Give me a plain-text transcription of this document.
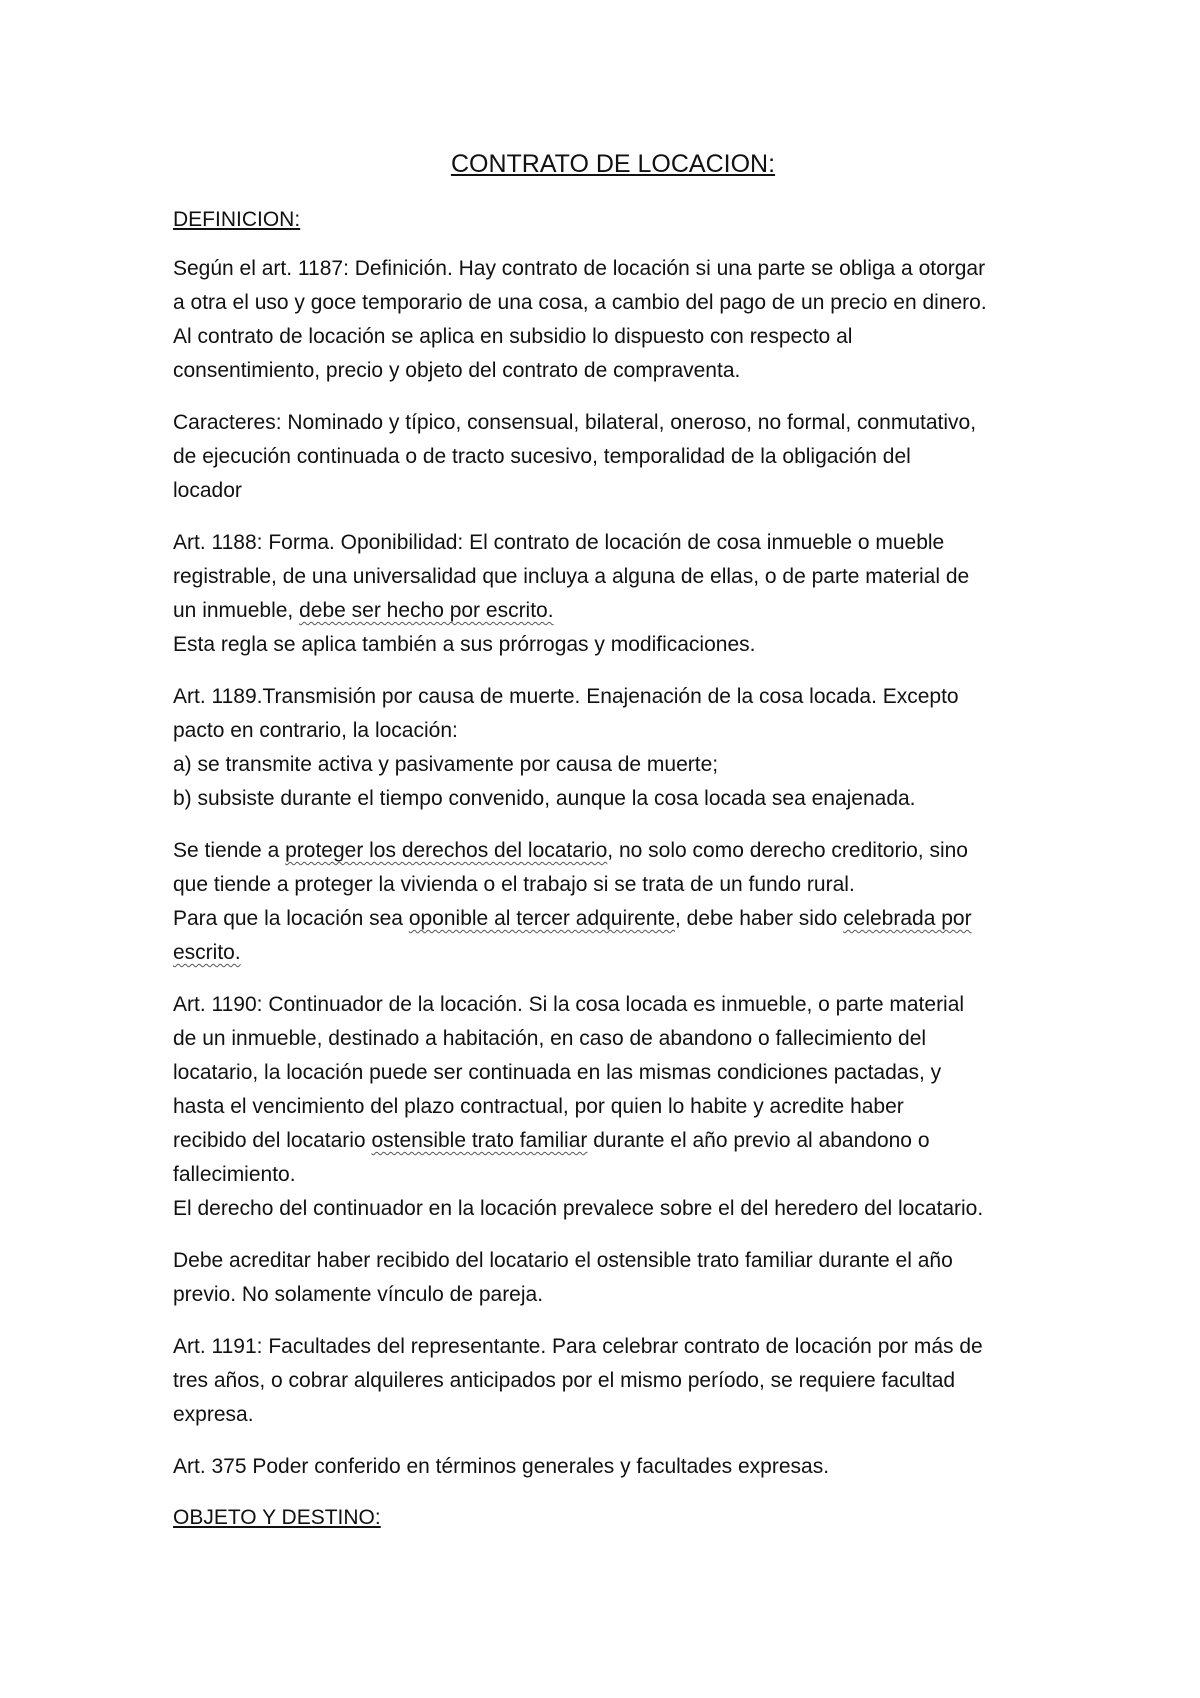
CONTRATO DE LOCACION:
DEFINICION:

Según el art. 1187: Definición. Hay contrato de locación si una parte se obliga a otorgar
a otra el uso y goce temporario de una cosa, a cambio del pago de un precio en dinero.
Al contrato de locación se aplica en subsidio lo dispuesto con respecto al
consentimiento, precio y objeto del contrato de compraventa.

Caracteres: Nominado y típico, consensual, bilateral, oneroso, no formal, conmutativo,
de ejecución continuada o de tracto sucesivo, temporalidad de la obligación del
locador

Art. 1188: Forma. Oponibilidad: El contrato de locación de cosa inmueble o mueble
registrable, de una universalidad que incluya a alguna de ellas, o de parte material de
un inmueble, debe ser hecho por escrito.
Esta regla se aplica también a sus prórrogas y modificaciones.

Art. 1189.Transmisión por causa de muerte. Enajenación de la cosa locada. Excepto
pacto en contrario, la locación:
a) se transmite activa y pasivamente por causa de muerte;
b) subsiste durante el tiempo convenido, aunque la cosa locada sea enajenada.

Se tiende a proteger los derechos del locatario, no solo como derecho creditorio, sino
que tiende a proteger la vivienda o el trabajo si se trata de un fundo rural.
Para que la locación sea oponible al tercer adquirente, debe haber sido celebrada por
escrito.

Art. 1190: Continuador de la locación. Si la cosa locada es inmueble, o parte material
de un inmueble, destinado a habitación, en caso de abandono o fallecimiento del
locatario, la locación puede ser continuada en las mismas condiciones pactadas, y
hasta el vencimiento del plazo contractual, por quien lo habite y acredite haber
recibido del locatario ostensible trato familiar durante el año previo al abandono o
fallecimiento.
El derecho del continuador en la locación prevalece sobre el del heredero del locatario.

Debe acreditar haber recibido del locatario el ostensible trato familiar durante el año
previo. No solamente vínculo de pareja.

Art. 1191: Facultades del representante. Para celebrar contrato de locación por más de
tres años, o cobrar alquileres anticipados por el mismo período, se requiere facultad
expresa.

Art. 375 Poder conferido en términos generales y facultades expresas.

OBJETO Y DESTINO:
